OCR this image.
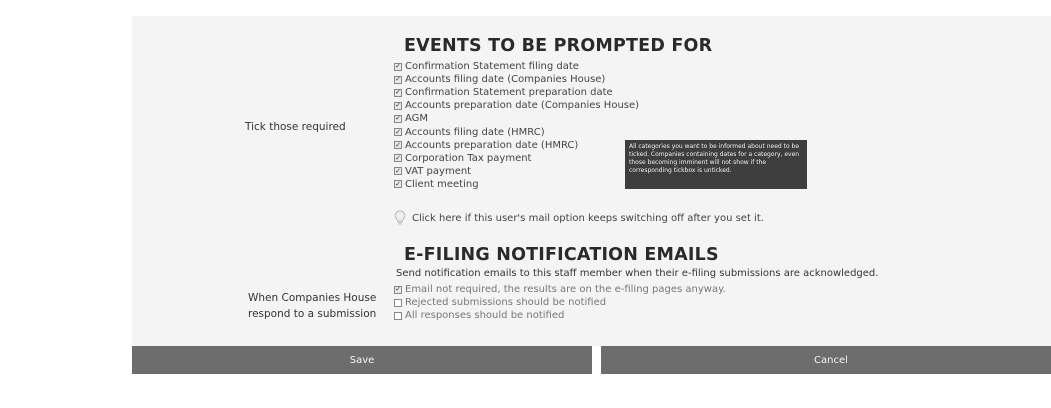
Tick those required
EVENTS TO BE PROMPTED FOR
✓ Confirmation Statement filing date
✓ Accounts filing date (Companies House)
✓ Confirmation Statement preparation date
✓ Accounts preparation date (Companies House)
✓ AGM
✓ Accounts filing date (HMRC)
✓ Accounts preparation date (HMRC)
✓ Corporation Tax payment
✓ VAT payment
✓ Client meeting
All categories you want to be informed about need to be ticked. Companies containing dates for a category, even those becoming imminent will not show if the corresponding tickbox is unticked.
Click here if this user's mail option keeps switching off after you set it.
E-FILING NOTIFICATION EMAILS
Send notification emails to this staff member when their e-filing submissions are acknowledged.
When Companies House
respond to a submission
✓ Email not required, the results are on the e-filing pages anyway.
Rejected submissions should be notified
All responses should be notified
Save	Cancel
